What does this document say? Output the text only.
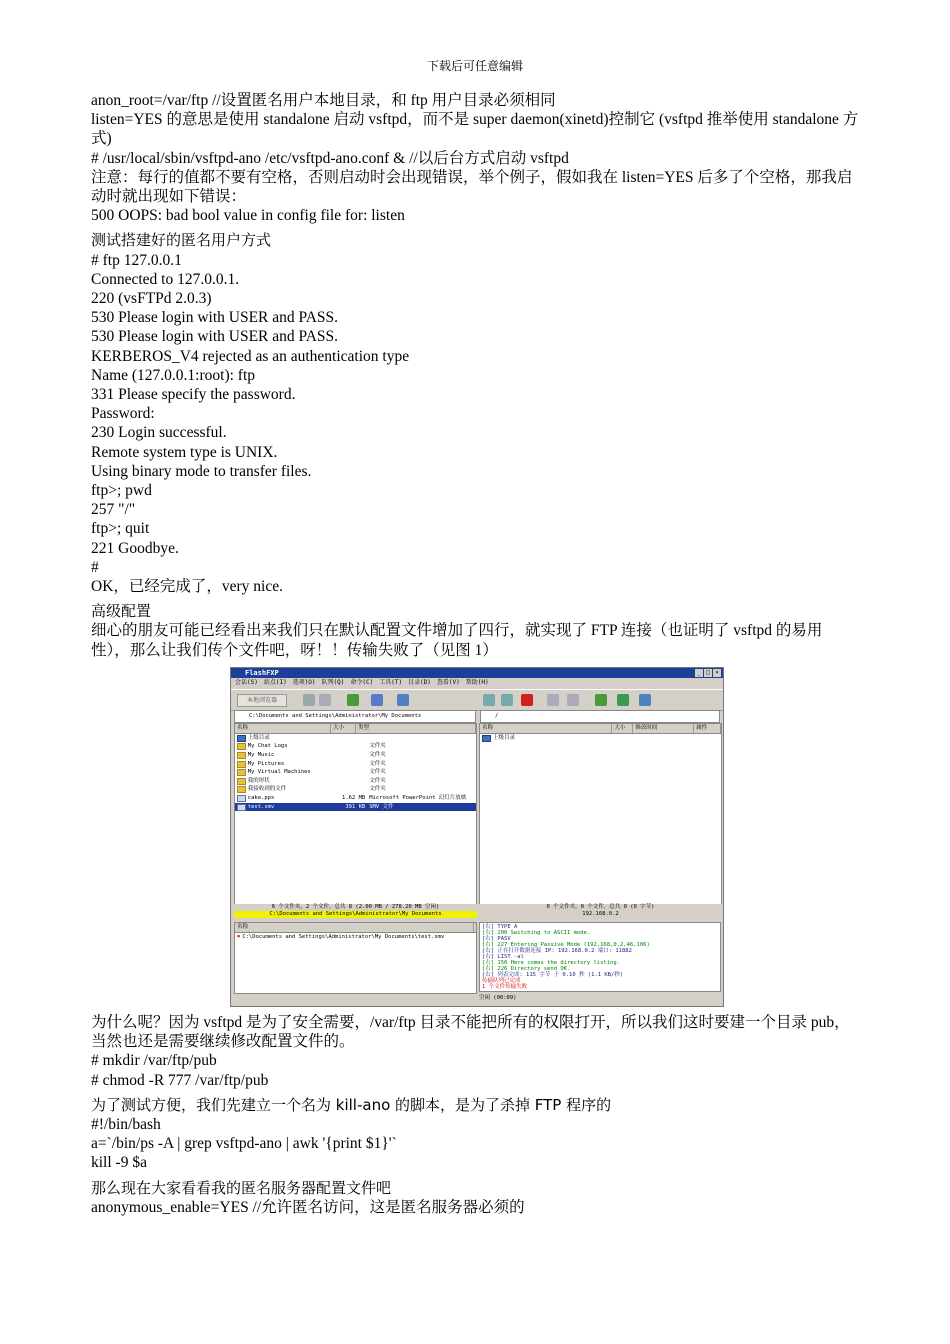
下载后可任意编辑

anon_root=/var/ftp //设置匿名用户本地目录，和 ftp 用户目录必须相同

listen=YES 的意思是使用 standalone 启动 vsftpd，而不是 super daemon(xinetd)控制它 (vsftpd 推举使用 standalone 方式)

# /usr/local/sbin/vsftpd-ano /etc/vsftpd-ano.conf & //以后台方式启动 vsftpd

注意：每行的值都不要有空格，否则启动时会出现错误，举个例子，假如我在 listen=YES 后多了个空格，那我启动时就出现如下错误：

500 OOPS: bad bool value in config file for: listen

测试搭建好的匿名用户方式

# ftp 127.0.0.1

Connected to 127.0.0.1.

220 (vsFTPd 2.0.3)

530 Please login with USER and PASS.

530 Please login with USER and PASS.

KERBEROS_V4 rejected as an authentication type

Name (127.0.0.1:root): ftp

331 Please specify the password.

Password:

230 Login successful.

Remote system type is UNIX.

Using binary mode to transfer files.

ftp>; pwd

257 "/"

ftp>; quit

221 Goodbye.

#

OK，已经完成了，very nice.

高级配置

细心的朋友可能已经看出来我们只在默认配置文件增加了四行，就实现了 FTP 连接（也证明了 vsftpd 的易用性），那么让我们传个文件吧，呀！！传输失败了（见图 1）

FlashFXP	_ □ ×
会话(S) 站点(I) 选项(O) 队列(Q) 命令(C) 工具(T) 目录(D) 查看(V) 帮助(H)
本地浏览器
C:\Documents and Settings\Administrator\My Documents	/
名称	大小	类型
上级目录
My Chat Logs	文件夹
My Music	文件夹
My Pictures	文件夹
My Virtual Machines	文件夹
我的形状	文件夹
我接收到的文件	文件夹
cake.pps	1.62 MB Microsoft PowerPoint 幻灯片放映
test.smv	391 KB SMV 文件
名称	大小	修改时间	属性
上级目录
6 个文件夹，2 个文件，总共 8 (2.00 MB / 278.20 MB 空闲)
C:\Documents and Settings\Administrator\My Documents
0 个文件夹，0 个文件，总共 0 (0 字节)
192.168.0.2
名称
✖ C:\Documents and Settings\Administrator\My Documents\test.smv
[右] TYPE A
[右] 200 Switching to ASCII mode.
[右] PASV
[右] 227 Entering Passive Mode (192,168,0,2,46,106)
[右] 正在打开数据连接 IP: 192.168.0.2 端口: 11882
[右] LIST -al
[右] 150 Here comes the directory listing.
[右] 226 Directory send OK.
[右] 列表完成: 115 字节 于 0.10 秒 (1.1 KB/秒)
传输队列已完成
1 个文件传输失败
空闲 (00:09)

为什么呢？因为 vsftpd 是为了安全需要，/var/ftp 目录不能把所有的权限打开，所以我们这时要建一个目录 pub，当然也还是需要继续修改配置文件的。

# mkdir /var/ftp/pub

# chmod -R 777 /var/ftp/pub

为了测试方便，我们先建立一个名为 kill-ano 的脚本，是为了杀掉 FTP 程序的

#!/bin/bash

a=`/bin/ps -A | grep vsftpd-ano | awk '{print $1}'`

kill -9 $a

那么现在大家看看我的匿名服务器配置文件吧

anonymous_enable=YES //允许匿名访问，这是匿名服务器必须的
